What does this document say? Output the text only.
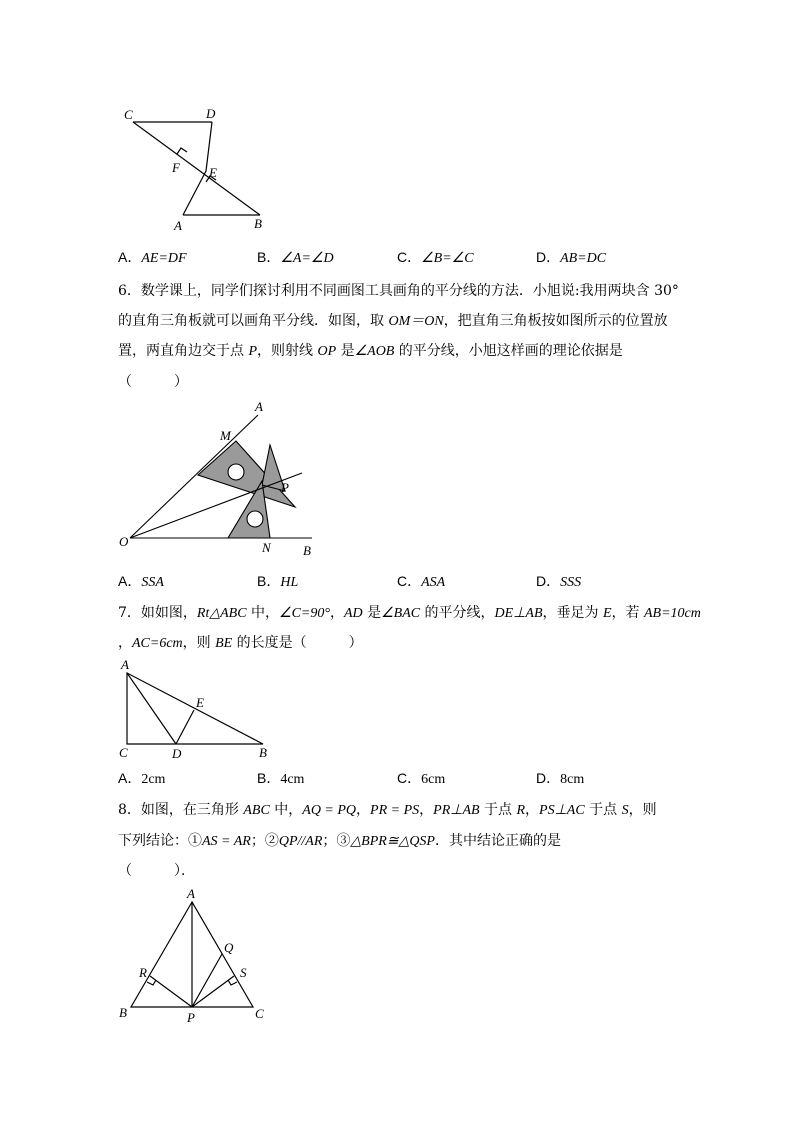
C	D
F E
A	B
A．AE=DF	B．∠A=∠D	C．∠B=∠C	D．AB=DC
6．数学课上，同学们探讨利用不同画图工具画角的平分线的方法．小旭说:我用两块含 30°
的直角三角板就可以画角平分线．如图，取 OM＝ON，把直角三角板按如图所示的位置放
置，两直角边交于点 P，则射线 OP 是∠AOB 的平分线，小旭这样画的理论依据是
（　　　）
A
M
P
O	N B
A．SSA	B．HL	C．ASA	D．SSS
7．如如图，Rt△ABC 中，∠C=90°，AD 是∠BAC 的平分线，DE⊥AB，垂足为 E，若 AB=10cm
，AC=6cm，则 BE 的长度是（　　　）
A
E
C	D	B
A．2cm	B．4cm	C．6cm	D．8cm
8．如图，在三角形 ABC 中，AQ = PQ，PR = PS，PR⊥AB 于点 R，PS⊥AC 于点 S，则
下列结论：①AS = AR；②QP//AR；③△BPR≅△QSP．其中结论正确的是
（　　　）．
A
Q
R	S
B	P	C
